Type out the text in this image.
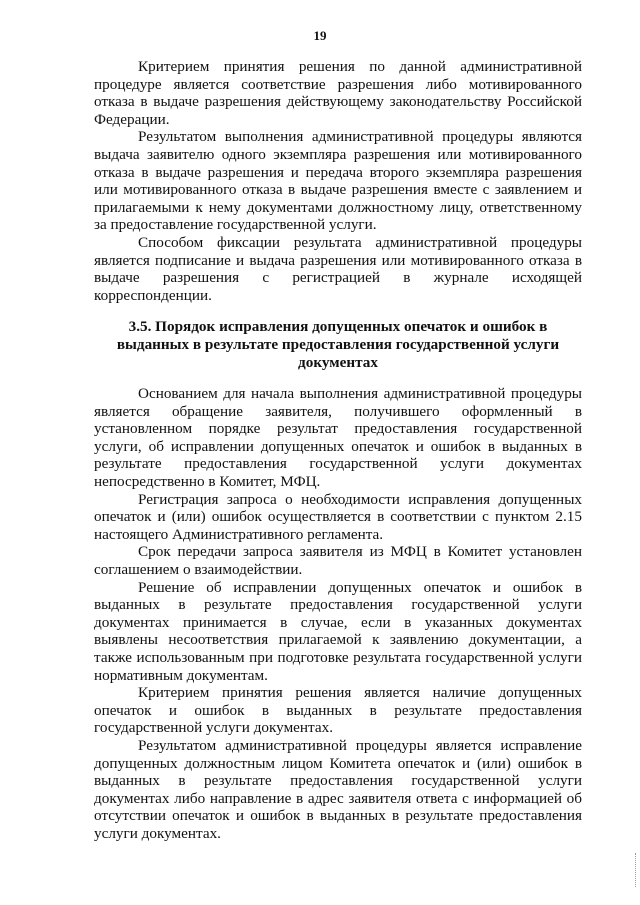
19

Критерием принятия решения по данной административной процедуре является соответствие разрешения либо мотивированного отказа в выдаче разрешения действующему законодательству Российской Федерации.

Результатом выполнения административной процедуры являются выдача заявителю одного экземпляра разрешения или мотивированного отказа в выдаче разрешения и передача второго экземпляра разрешения или мотивированного отказа в выдаче разрешения вместе с заявлением и прилагаемыми к нему документами должностному лицу, ответственному за предоставление государственной услуги.

Способом фиксации результата административной процедуры является подписание и выдача разрешения или мотивированного отказа в выдаче разрешения с регистрацией в журнале исходящей корреспонденции.

3.5. Порядок исправления допущенных опечаток и ошибок в
выданных в результате предоставления государственной услуги
документах

Основанием для начала выполнения административной процедуры является обращение заявителя, получившего оформленный в установленном порядке результат предоставления государственной услуги, об исправлении допущенных опечаток и ошибок в выданных в результате предоставления государственной услуги документах непосредственно в Комитет, МФЦ.

Регистрация запроса о необходимости исправления допущенных опечаток и (или) ошибок осуществляется в соответствии с пунктом 2.15 настоящего Административного регламента.

Срок передачи запроса заявителя из МФЦ в Комитет установлен соглашением о взаимодействии.

Решение об исправлении допущенных опечаток и ошибок в выданных в результате предоставления государственной услуги документах принимается в случае, если в указанных документах выявлены несоответствия прилагаемой к заявлению документации, а также использованным при подготовке результата государственной услуги нормативным документам.

Критерием принятия решения является наличие допущенных опечаток и ошибок в выданных в результате предоставления государственной услуги документах.

Результатом административной процедуры является исправление допущенных должностным лицом Комитета опечаток и (или) ошибок в выданных в результате предоставления государственной услуги документах либо направление в адрес заявителя ответа с информацией об отсутствии опечаток и ошибок в выданных в результате предоставления услуги документах.
